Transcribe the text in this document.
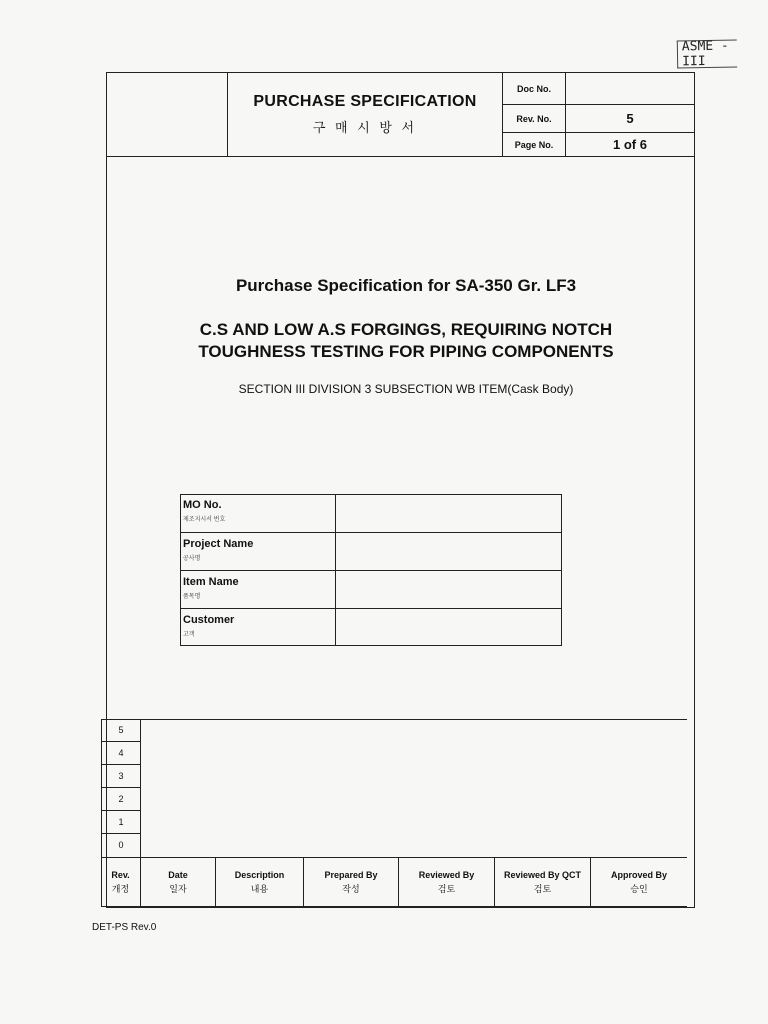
ASME - III
PURCHASE SPECIFICATION
구 매 시 방 서
Doc No.
Rev. No.	5
Page No.	1 of 6
Purchase Specification for SA-350 Gr. LF3
C.S AND LOW A.S FORGINGS, REQUIRING NOTCH
TOUGHNESS TESTING FOR PIPING COMPONENTS
SECTION III DIVISION 3 SUBSECTION WB ITEM(Cask Body)
MO No.
제조지시서 번호
Project Name
공사명
Item Name
품목명
Customer
고객
5
4
3
2
1
0
Rev.
개정
Date
일자
Description
내용
Prepared By
작성
Reviewed By
검토
Reviewed By QCT
검토
Approved By
승인
DET-PS Rev.0
